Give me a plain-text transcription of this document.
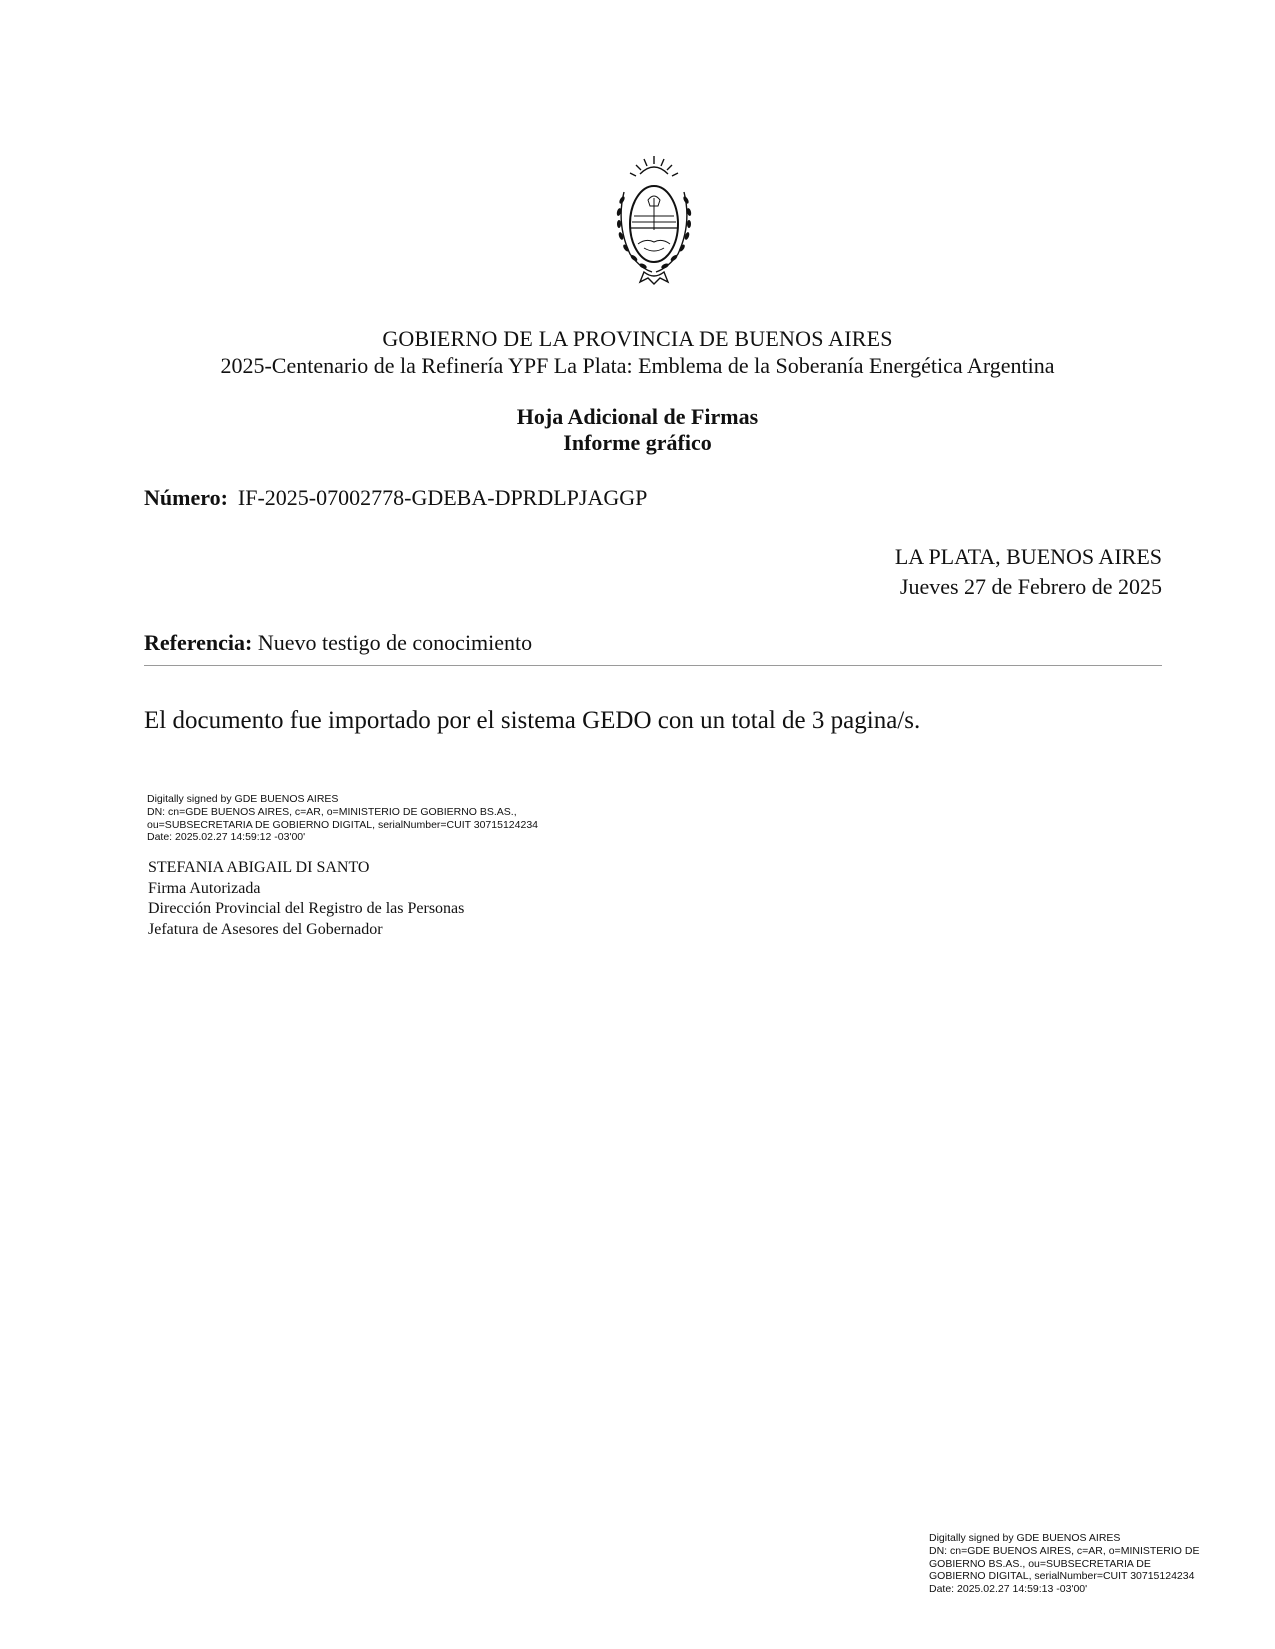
GOBIERNO DE LA PROVINCIA DE BUENOS AIRES
2025-Centenario de la Refinería YPF La Plata: Emblema de la Soberanía Energética Argentina
Hoja Adicional de Firmas
Informe gráfico
Número: IF-2025-07002778-GDEBA-DPRDLPJAGGP
LA PLATA, BUENOS AIRES
Jueves 27 de Febrero de 2025
Referencia: Nuevo testigo de conocimiento
El documento fue importado por el sistema GEDO con un total de 3 pagina/s.
Digitally signed by GDE BUENOS AIRES
DN: cn=GDE BUENOS AIRES, c=AR, o=MINISTERIO DE GOBIERNO BS.AS.,
ou=SUBSECRETARIA DE GOBIERNO DIGITAL, serialNumber=CUIT 30715124234
Date: 2025.02.27 14:59:12 -03'00'
STEFANIA ABIGAIL DI SANTO
Firma Autorizada
Dirección Provincial del Registro de las Personas
Jefatura de Asesores del Gobernador
Digitally signed by GDE BUENOS AIRES
DN: cn=GDE BUENOS AIRES, c=AR, o=MINISTERIO DE
GOBIERNO BS.AS., ou=SUBSECRETARIA DE
GOBIERNO DIGITAL, serialNumber=CUIT 30715124234
Date: 2025.02.27 14:59:13 -03'00'
